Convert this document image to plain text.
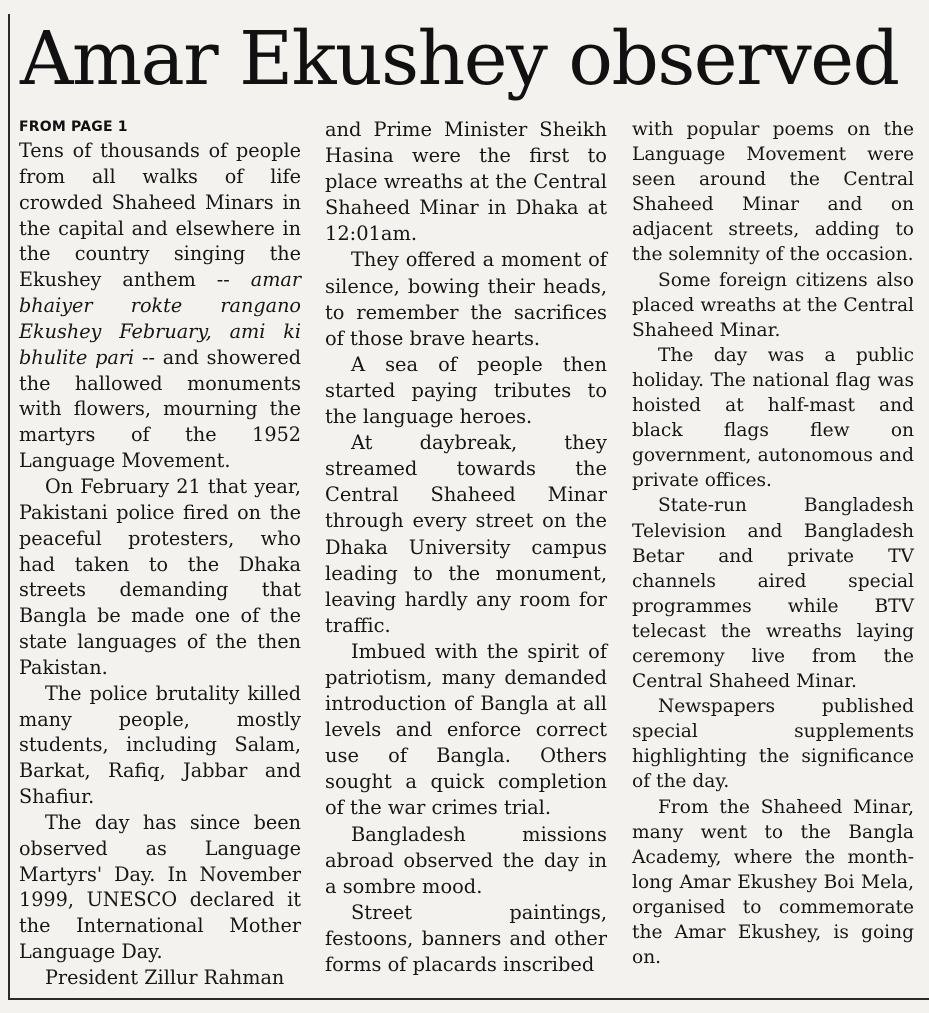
Amar Ekushey observed
FROM PAGE 1

Tens of thousands of people from all walks of life crowded Shaheed Minars in the capital and elsewhere in the country singing the Ekushey anthem -- amar bhaiyer rokte rangano Ekushey February, ami ki bhulite pari -- and showered the hallowed monuments with flowers, mourning the martyrs of the 1952 Language Movement.

On February 21 that year, Pakistani police fired on the peaceful protesters, who had taken to the Dhaka streets demanding that Bangla be made one of the state languages of the then Pakistan.

The police brutality killed many people, mostly students, including Salam, Barkat, Rafiq, Jabbar and Shafiur.

The day has since been observed as Language Martyrs' Day. In November 1999, UNESCO declared it the International Mother Language Day.

President Zillur Rahman

and Prime Minister Sheikh Hasina were the first to place wreaths at the Central Shaheed Minar in Dhaka at 12:01am.

They offered a moment of silence, bowing their heads, to remember the sacrifices of those brave hearts.

A sea of people then started paying tributes to the language heroes.

At daybreak, they streamed towards the Central Shaheed Minar through every street on the Dhaka University campus leading to the monument, leaving hardly any room for traffic.

Imbued with the spirit of patriotism, many demanded introduction of Bangla at all levels and enforce correct use of Bangla. Others sought a quick completion of the war crimes trial.

Bangladesh missions abroad observed the day in a sombre mood.

Street paintings, festoons, banners and other forms of placards inscribed

with popular poems on the Language Movement were seen around the Central Shaheed Minar and on adjacent streets, adding to the solemnity of the occasion.

Some foreign citizens also placed wreaths at the Central Shaheed Minar.

The day was a public holiday. The national flag was hoisted at half-mast and black flags flew on government, autonomous and private offices.

State-run Bangladesh Television and Bangladesh Betar and private TV channels aired special programmes while BTV telecast the wreaths laying ceremony live from the Central Shaheed Minar.

Newspapers published special supplements highlighting the significance of the day.

From the Shaheed Minar, many went to the Bangla Academy, where the month-long Amar Ekushey Boi Mela, organised to commemorate the Amar Ekushey, is going on.
